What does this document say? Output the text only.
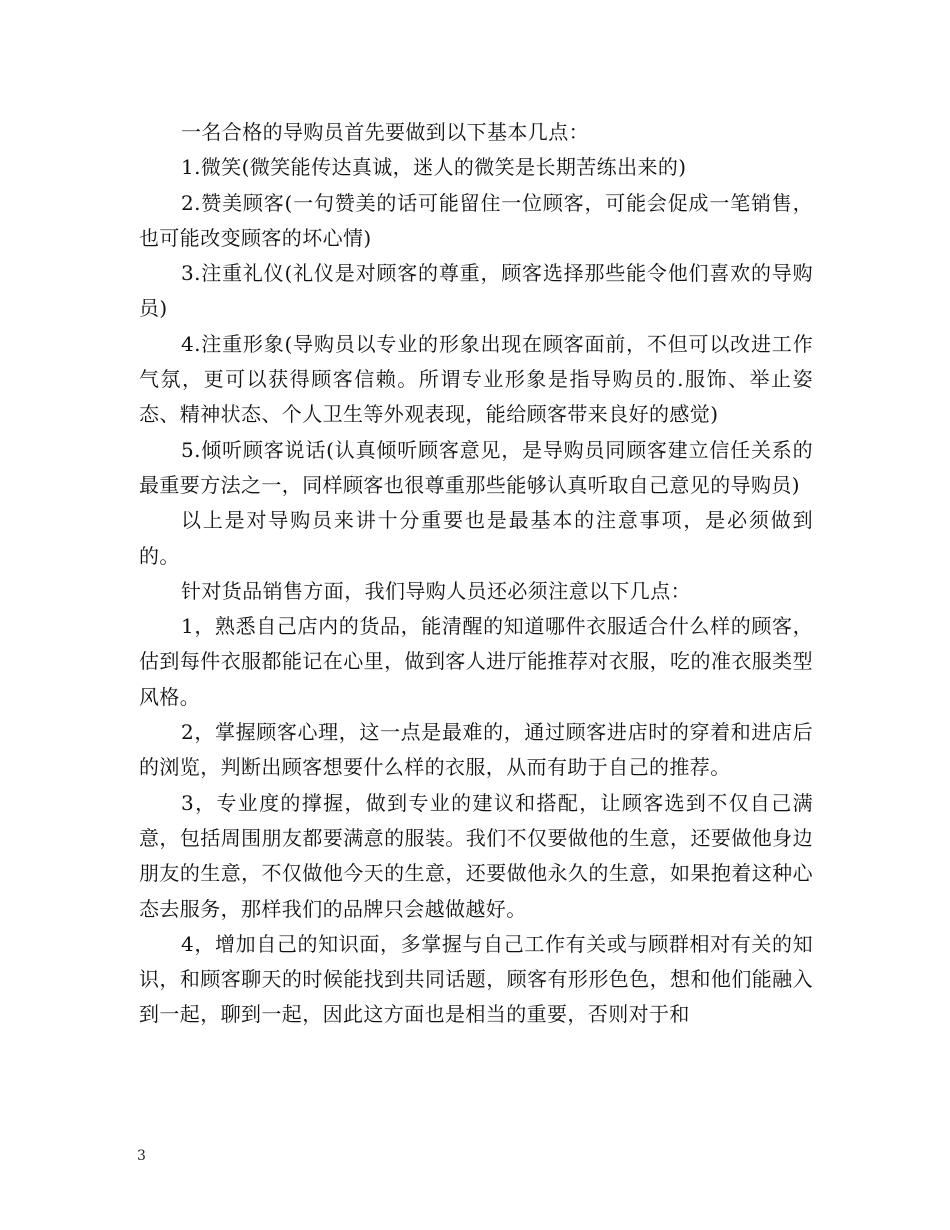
一名合格的导购员首先要做到以下基本几点：

1.微笑(微笑能传达真诚，迷人的微笑是长期苦练出来的)

2.赞美顾客(一句赞美的话可能留住一位顾客，可能会促成一笔销售，也可能改变顾客的坏心情)

3.注重礼仪(礼仪是对顾客的尊重，顾客选择那些能令他们喜欢的导购员)

4.注重形象(导购员以专业的形象出现在顾客面前，不但可以改进工作气氛，更可以获得顾客信赖。所谓专业形象是指导购员的.服饰、举止姿态、精神状态、个人卫生等外观表现，能给顾客带来良好的感觉)

5.倾听顾客说话(认真倾听顾客意见，是导购员同顾客建立信任关系的最重要方法之一，同样顾客也很尊重那些能够认真听取自己意见的导购员)

以上是对导购员来讲十分重要也是最基本的注意事项，是必须做到的。

针对货品销售方面，我们导购人员还必须注意以下几点：

1，熟悉自己店内的货品，能清醒的知道哪件衣服适合什么样的顾客，估到每件衣服都能记在心里，做到客人进厅能推荐对衣服，吃的准衣服类型风格。

2，掌握顾客心理，这一点是最难的，通过顾客进店时的穿着和进店后的浏览，判断出顾客想要什么样的衣服，从而有助于自己的推荐。

3，专业度的撑握，做到专业的建议和搭配，让顾客选到不仅自己满意，包括周围朋友都要满意的服装。我们不仅要做他的生意，还要做他身边朋友的生意，不仅做他今天的生意，还要做他永久的生意，如果抱着这种心态去服务，那样我们的品牌只会越做越好。

4，增加自己的知识面，多掌握与自己工作有关或与顾群相对有关的知识，和顾客聊天的时候能找到共同话题，顾客有形形色色，想和他们能融入到一起，聊到一起，因此这方面也是相当的重要，否则对于和

3
